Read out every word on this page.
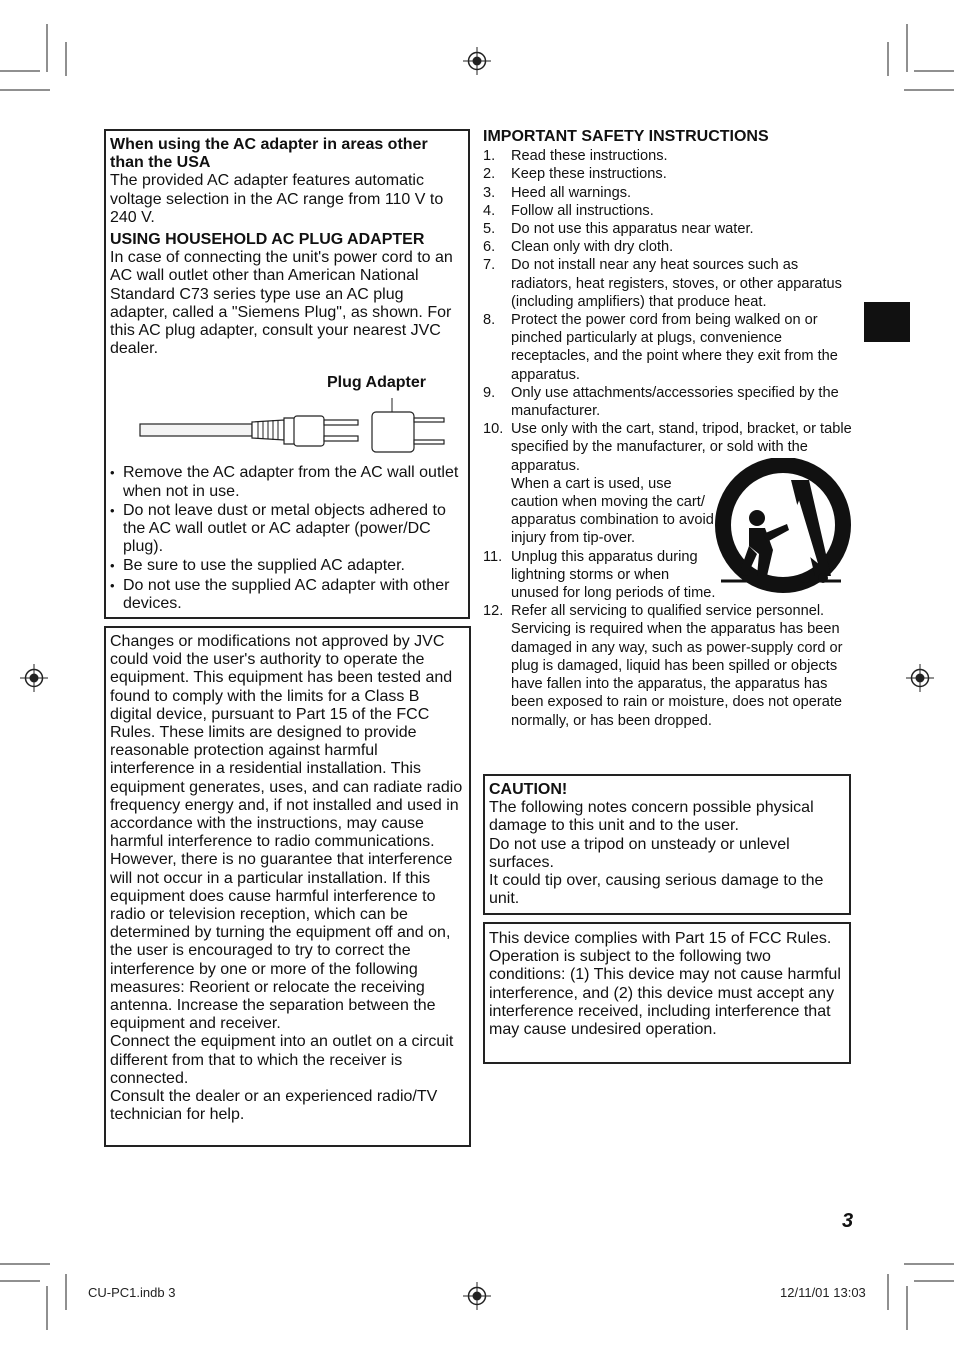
When using the AC adapter in areas other than the USA

The provided AC adapter features automatic voltage selection in the AC range from 110 V to 240 V.

USING HOUSEHOLD AC PLUG ADAPTER

In case of connecting the unit's power cord to an AC wall outlet other than American National Standard C73 series type use an AC plug adapter, called a "Siemens Plug", as shown. For this AC plug adapter, consult your nearest JVC dealer.

Plug Adapter
• Remove the AC adapter from the AC wall outlet when not in use.
• Do not leave dust or metal objects adhered to the AC wall outlet or AC adapter (power/DC plug).
• Be sure to use the supplied AC adapter.
• Do not use the supplied AC adapter with other devices.

Changes or modifications not approved by JVC could void the user's authority to operate the equipment. This equipment has been tested and found to comply with the limits for a Class B digital device, pursuant to Part 15 of the FCC Rules. These limits are designed to provide reasonable protection against harmful interference in a residential installation. This equipment generates, uses, and can radiate radio frequency energy and, if not installed and used in accordance with the instructions, may cause harmful interference to radio communications. However, there is no guarantee that interference will not occur in a particular installation. If this equipment does cause harmful interference to radio or television reception, which can be determined by turning the equipment off and on, the user is encouraged to try to correct the interference by one or more of the following measures: Reorient or relocate the receiving antenna. Increase the separation between the equipment and receiver.

Connect the equipment into an outlet on a circuit different from that to which the receiver is connected.

Consult the dealer or an experienced radio/TV technician for help.

IMPORTANT SAFETY INSTRUCTIONS
1. Read these instructions.
2. Keep these instructions.
3. Heed all warnings.
4. Follow all instructions.
5. Do not use this apparatus near water.
6. Clean only with dry cloth.
7. Do not install near any heat sources such as radiators, heat registers, stoves, or other apparatus (including amplifiers) that produce heat.
8. Protect the power cord from being walked on or pinched particularly at plugs, convenience receptacles, and the point where they exit from the apparatus.
9. Only use attachments/accessories specified by the manufacturer.
10. Use only with the cart, stand, tripod, bracket, or table specified by the manufacturer, or sold with the apparatus.
When a cart is used, use caution when moving the cart/ apparatus combination to avoid injury from tip-over.
11. Unplug this apparatus during lightning storms or when unused for long periods of time.
12. Refer all servicing to qualified service personnel. Servicing is required when the apparatus has been damaged in any way, such as power-supply cord or plug is damaged, liquid has been spilled or objects have fallen into the apparatus, the apparatus has been exposed to rain or moisture, does not operate normally, or has been dropped.

CAUTION!

The following notes concern possible physical damage to this unit and to the user.

Do not use a tripod on unsteady or unlevel surfaces.

It could tip over, causing serious damage to the unit.

This device complies with Part 15 of FCC Rules. Operation is subject to the following two conditions: (1) This device may not cause harmful interference, and (2) this device must accept any interference received, including interference that may cause undesired operation.

3
CU-PC1.indb 3	12/11/01 13:03
